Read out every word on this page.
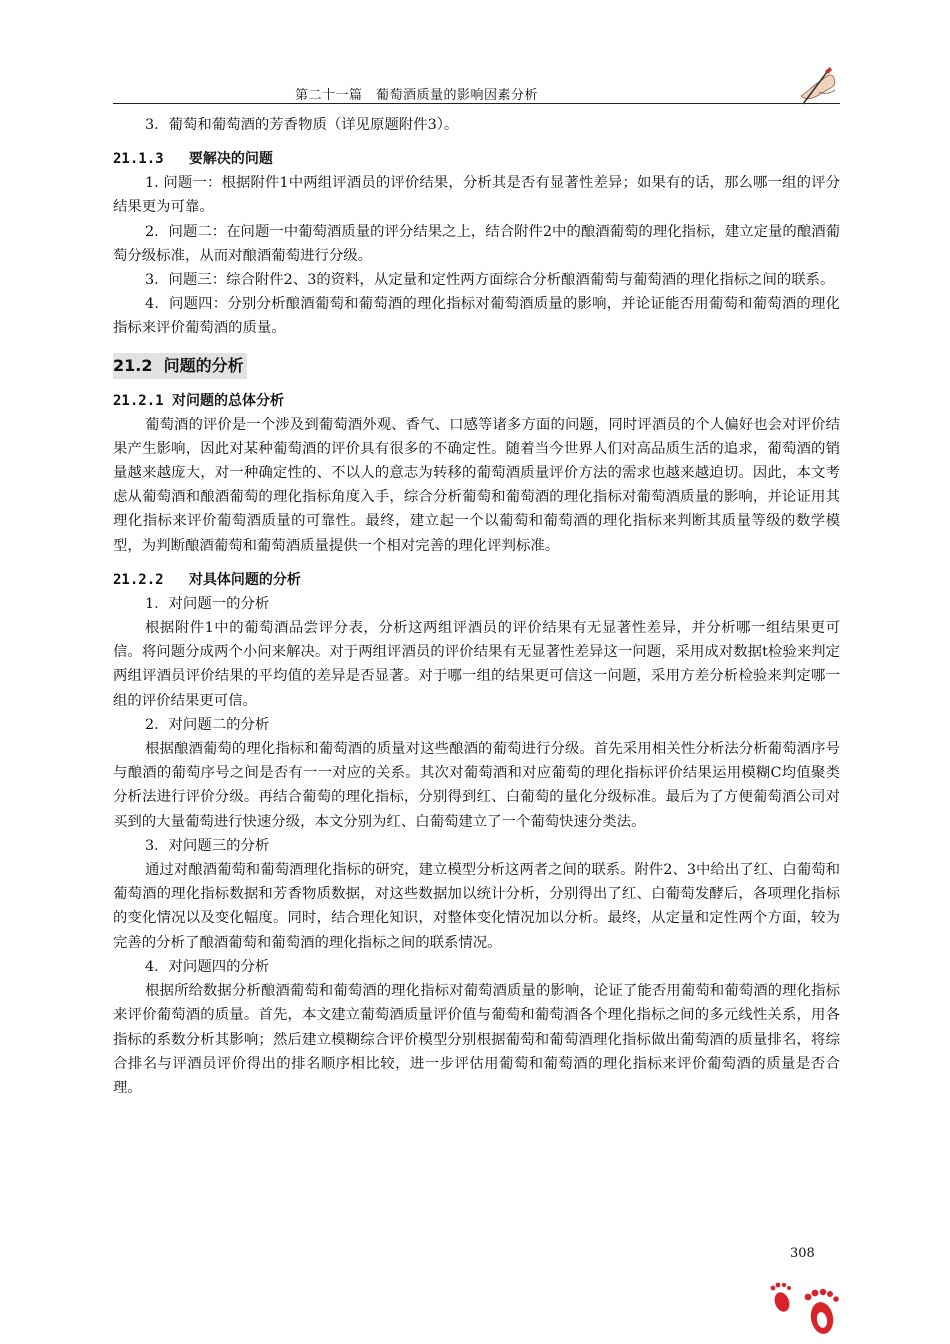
第二十一篇　葡萄酒质量的影响因素分析

3．葡萄和葡萄酒的芳香物质（详见原题附件3）。

21.1.3 要解决的问题

1. 问题一：根据附件1中两组评酒员的评价结果，分析其是否有显著性差异；如果有的话，那么哪一组的评分结果更为可靠。

2．问题二：在问题一中葡萄酒质量的评分结果之上，结合附件2中的酿酒葡萄的理化指标，建立定量的酿酒葡萄分级标准，从而对酿酒葡萄进行分级。

3．问题三：综合附件2、3的资料，从定量和定性两方面综合分析酿酒葡萄与葡萄酒的理化指标之间的联系。

4．问题四：分别分析酿酒葡萄和葡萄酒的理化指标对葡萄酒质量的影响，并论证能否用葡萄和葡萄酒的理化指标来评价葡萄酒的质量。

21.2 问题的分析
21.2.1 对问题的总体分析

葡萄酒的评价是一个涉及到葡萄酒外观、香气、口感等诸多方面的问题，同时评酒员的个人偏好也会对评价结果产生影响，因此对某种葡萄酒的评价具有很多的不确定性。随着当今世界人们对高品质生活的追求，葡萄酒的销量越来越庞大，对一种确定性的、不以人的意志为转移的葡萄酒质量评价方法的需求也越来越迫切。因此，本文考虑从葡萄酒和酿酒葡萄的理化指标角度入手，综合分析葡萄和葡萄酒的理化指标对葡萄酒质量的影响，并论证用其理化指标来评价葡萄酒质量的可靠性。最终，建立起一个以葡萄和葡萄酒的理化指标来判断其质量等级的数学模型，为判断酿酒葡萄和葡萄酒质量提供一个相对完善的理化评判标准。

21.2.2 对具体问题的分析

1．对问题一的分析

根据附件1中的葡萄酒品尝评分表，分析这两组评酒员的评价结果有无显著性差异，并分析哪一组结果更可信。将问题分成两个小问来解决。对于两组评酒员的评价结果有无显著性差异这一问题，采用成对数据t检验来判定两组评酒员评价结果的平均值的差异是否显著。对于哪一组的结果更可信这一问题，采用方差分析检验来判定哪一组的评价结果更可信。

2．对问题二的分析

根据酿酒葡萄的理化指标和葡萄酒的质量对这些酿酒的葡萄进行分级。首先采用相关性分析法分析葡萄酒序号与酿酒的葡萄序号之间是否有一一对应的关系。其次对葡萄酒和对应葡萄的理化指标评价结果运用模糊C均值聚类分析法进行评价分级。再结合葡萄的理化指标，分别得到红、白葡萄的量化分级标准。最后为了方便葡萄酒公司对买到的大量葡萄进行快速分级，本文分别为红、白葡萄建立了一个葡萄快速分类法。

3．对问题三的分析

通过对酿酒葡萄和葡萄酒理化指标的研究，建立模型分析这两者之间的联系。附件2、3中给出了红、白葡萄和葡萄酒的理化指标数据和芳香物质数据，对这些数据加以统计分析，分别得出了红、白葡萄发酵后，各项理化指标的变化情况以及变化幅度。同时，结合理化知识，对整体变化情况加以分析。最终，从定量和定性两个方面，较为完善的分析了酿酒葡萄和葡萄酒的理化指标之间的联系情况。

4．对问题四的分析

根据所给数据分析酿酒葡萄和葡萄酒的理化指标对葡萄酒质量的影响，论证了能否用葡萄和葡萄酒的理化指标来评价葡萄酒的质量。首先，本文建立葡萄酒质量评价值与葡萄和葡萄酒各个理化指标之间的多元线性关系，用各指标的系数分析其影响；然后建立模糊综合评价模型分别根据葡萄和葡萄酒理化指标做出葡萄酒的质量排名，将综合排名与评酒员评价得出的排名顺序相比较，进一步评估用葡萄和葡萄酒的理化指标来评价葡萄酒的质量是否合理。

308
